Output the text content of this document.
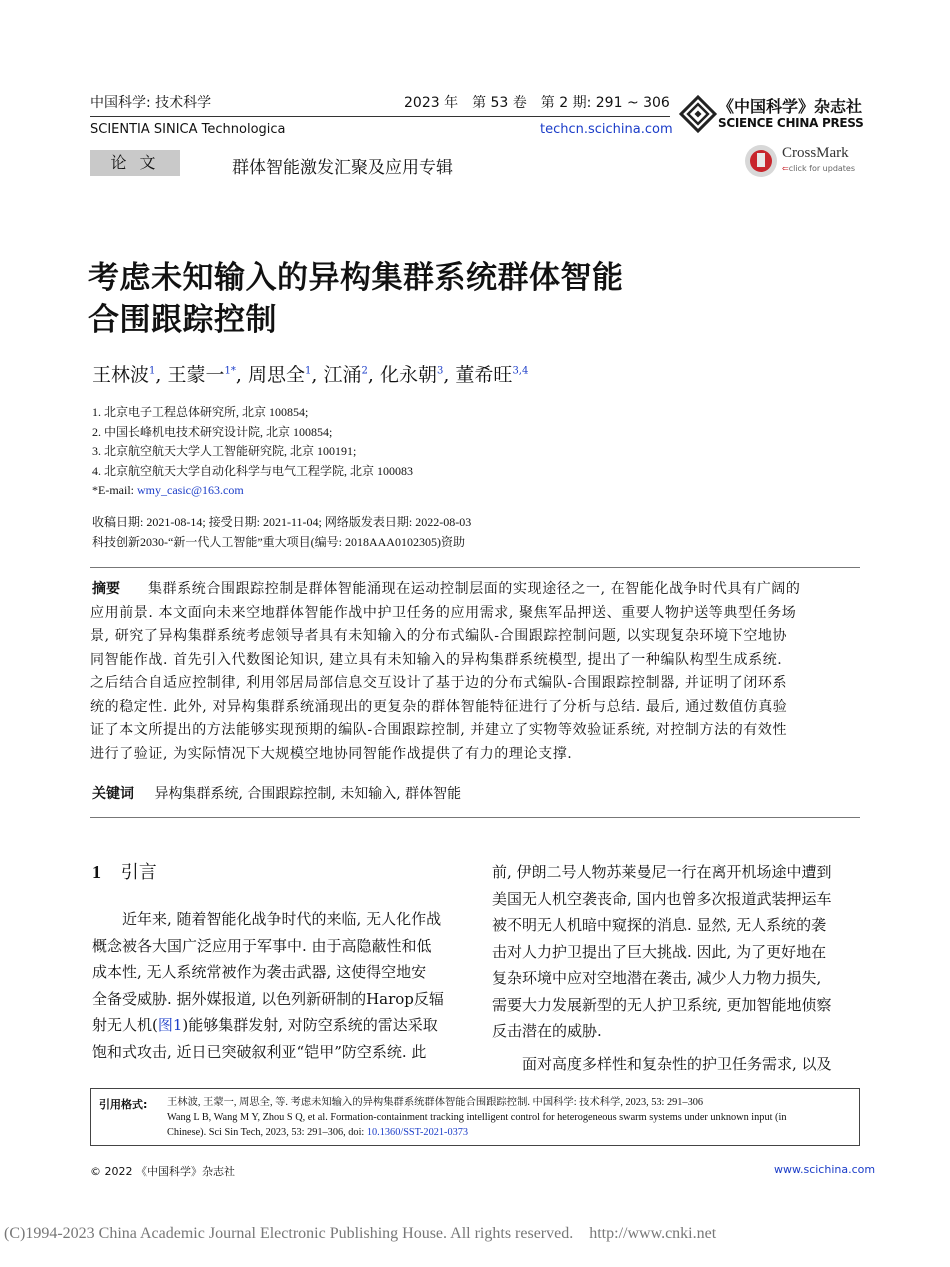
中国科学: 技术科学	2023 年　第 53 卷　第 2 期: 291 ~ 306
SCIENTIA SINICA Technologica	techcn.scichina.com
《中国科学》杂志社
SCIENCE CHINA PRESS
CrossMark
⇐click for updates
论 文	群体智能激发汇聚及应用专辑
考虑未知输入的异构集群系统群体智能
合围跟踪控制
王林波$^1$, 王蒙一$^{1*}$, 周思全$^1$, 江涌$^2$, 化永朝$^3$, 董希旺$^{3,4}$
1. 北京电子工程总体研究所, 北京 100854;
2. 中国长峰机电技术研究设计院, 北京 100854;
3. 北京航空航天大学人工智能研究院, 北京 100191;
4. 北京航空航天大学自动化科学与电气工程学院, 北京 100083
*E-mail: wmy_casic@163.com
收稿日期: 2021-08-14; 接受日期: 2021-11-04; 网络版发表日期: 2022-08-03
科技创新2030-“新一代人工智能”重大项目(编号: 2018AAA0102305)资助
摘要	集群系统合围跟踪控制是群体智能涌现在运动控制层面的实现途径之一, 在智能化战争时代具有广阔的
应用前景. 本文面向未来空地群体智能作战中护卫任务的应用需求, 聚焦军品押送、重要人物护送等典型任务场
景, 研究了异构集群系统考虑领导者具有未知输入的分布式编队-合围跟踪控制问题, 以实现复杂环境下空地协
同智能作战. 首先引入代数图论知识, 建立具有未知输入的异构集群系统模型, 提出了一种编队构型生成系统.
之后结合自适应控制律, 利用邻居局部信息交互设计了基于边的分布式编队-合围跟踪控制器, 并证明了闭环系
统的稳定性. 此外, 对异构集群系统涌现出的更复杂的群体智能特征进行了分析与总结. 最后, 通过数值仿真验
证了本文所提出的方法能够实现预期的编队-合围跟踪控制, 并建立了实物等效验证系统, 对控制方法的有效性
进行了验证, 为实际情况下大规模空地协同智能作战提供了有力的理论支撑.
关键词 异构集群系统, 合围跟踪控制, 未知输入, 群体智能
1 引言
近年来, 随着智能化战争时代的来临, 无人化作战
概念被各大国广泛应用于军事中. 由于高隐蔽性和低
成本性, 无人系统常被作为袭击武器, 这使得空地安
全备受威胁. 据外媒报道, 以色列新研制的Harop反辐
射无人机(图1)能够集群发射, 对防空系统的雷达采取
饱和式攻击, 近日已突破叙利亚“铠甲”防空系统. 此
前, 伊朗二号人物苏莱曼尼一行在离开机场途中遭到
美国无人机空袭丧命, 国内也曾多次报道武装押运车
被不明无人机暗中窥探的消息. 显然, 无人系统的袭
击对人力护卫提出了巨大挑战. 因此, 为了更好地在
复杂环境中应对空地潜在袭击, 减少人力物力损失,
需要大力发展新型的无人护卫系统, 更加智能地侦察
反击潜在的威胁.
面对高度多样性和复杂性的护卫任务需求, 以及
引用格式: 王林波, 王蒙一, 周思全, 等. 考虑未知输入的异构集群系统群体智能合围跟踪控制. 中国科学: 技术科学, 2023, 53: 291–306
Wang L B, Wang M Y, Zhou S Q, et al. Formation-containment tracking intelligent control for heterogeneous swarm systems under unknown input (in
Chinese). Sci Sin Tech, 2023, 53: 291–306, doi: 10.1360/SST-2021-0373
© 2022 《中国科学》杂志社	www.scichina.com
(C)1994-2023 China Academic Journal Electronic Publishing House. All rights reserved.　http://www.cnki.net
